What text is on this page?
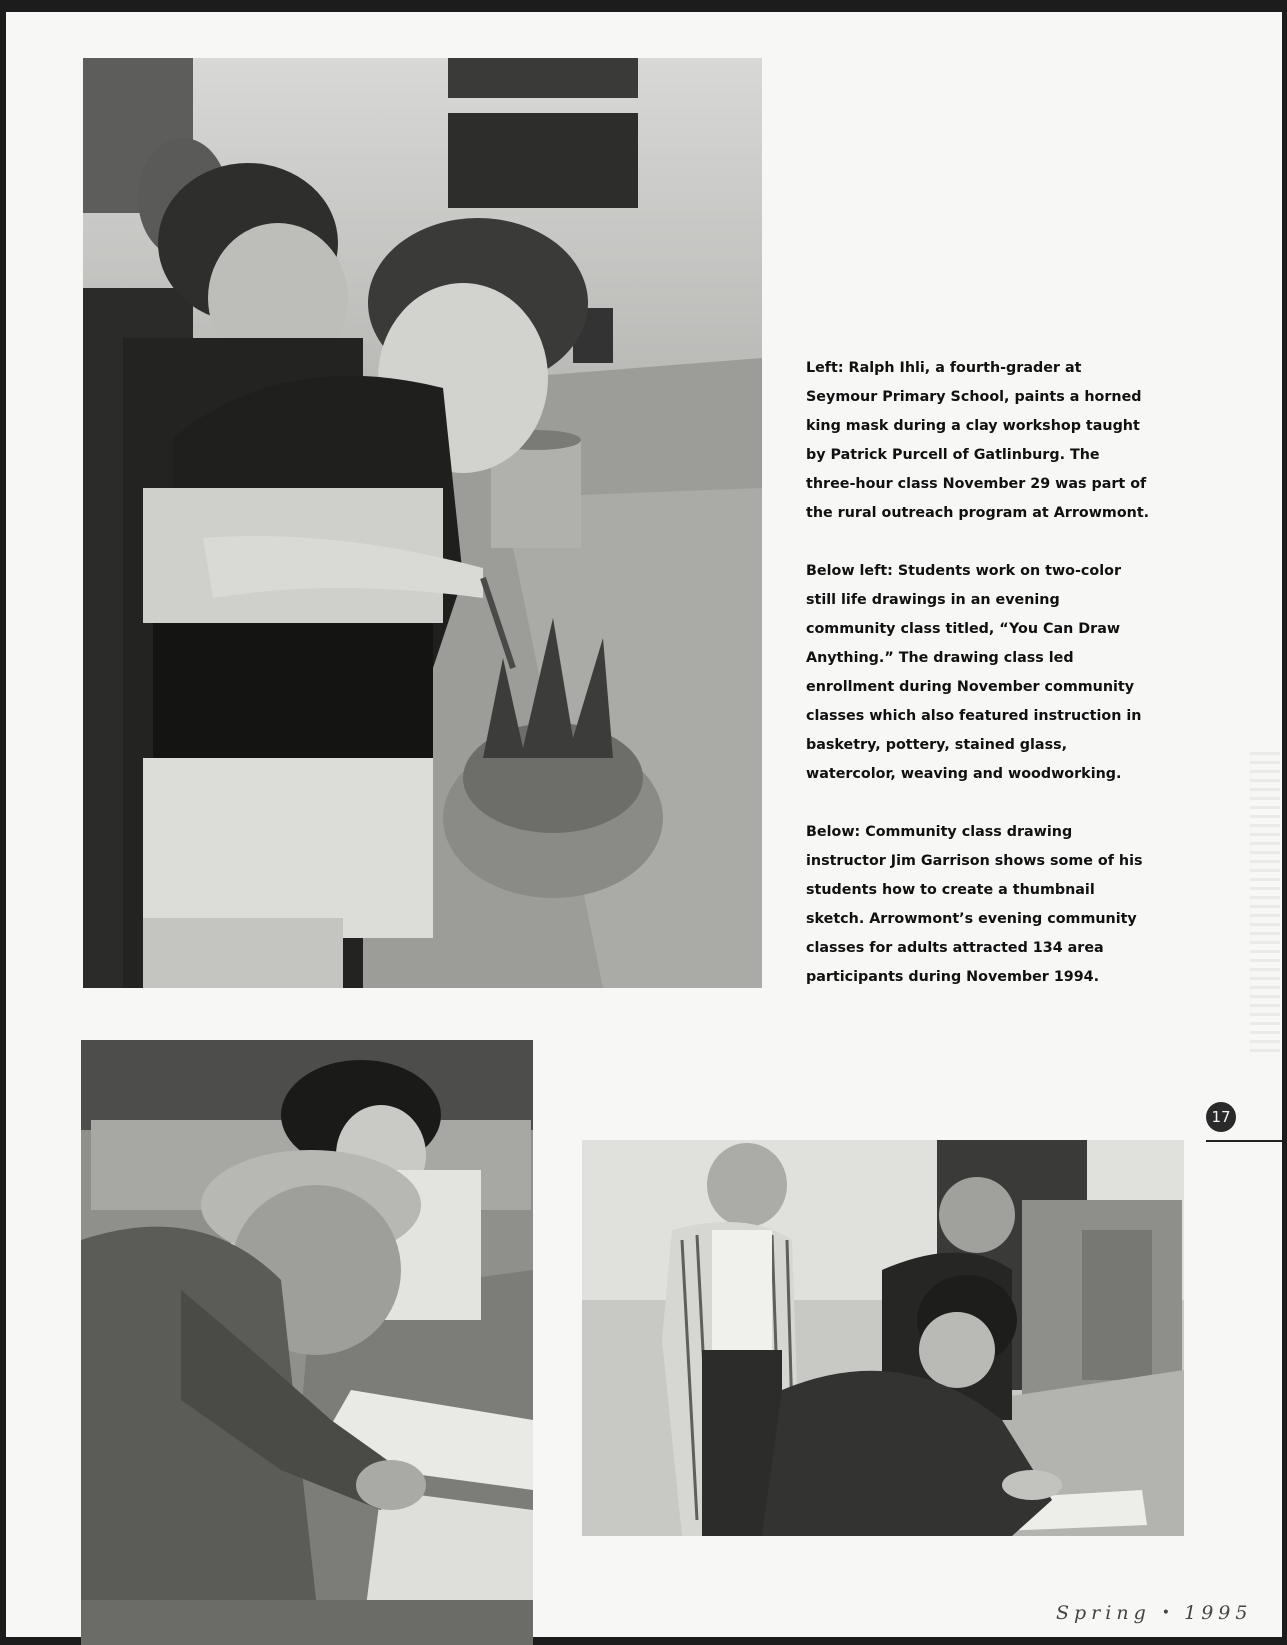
Left: Ralph Ihli, a fourth-grader at Seymour Primary School, paints a horned king mask during a clay workshop taught by Patrick Purcell of Gatlinburg. The three-hour class November 29 was part of the rural outreach program at Arrowmont.

Below left: Students work on two-color still life drawings in an evening community class titled, “You Can Draw Anything.” The drawing class led enrollment during November community classes which also featured instruction in basketry, pottery, stained glass, watercolor, weaving and woodworking.

Below: Community class drawing instructor Jim Garrison shows some of his students how to create a thumbnail sketch. Arrowmont’s evening community classes for adults attracted 134 area participants during November 1994.

17
Spring • 1995
